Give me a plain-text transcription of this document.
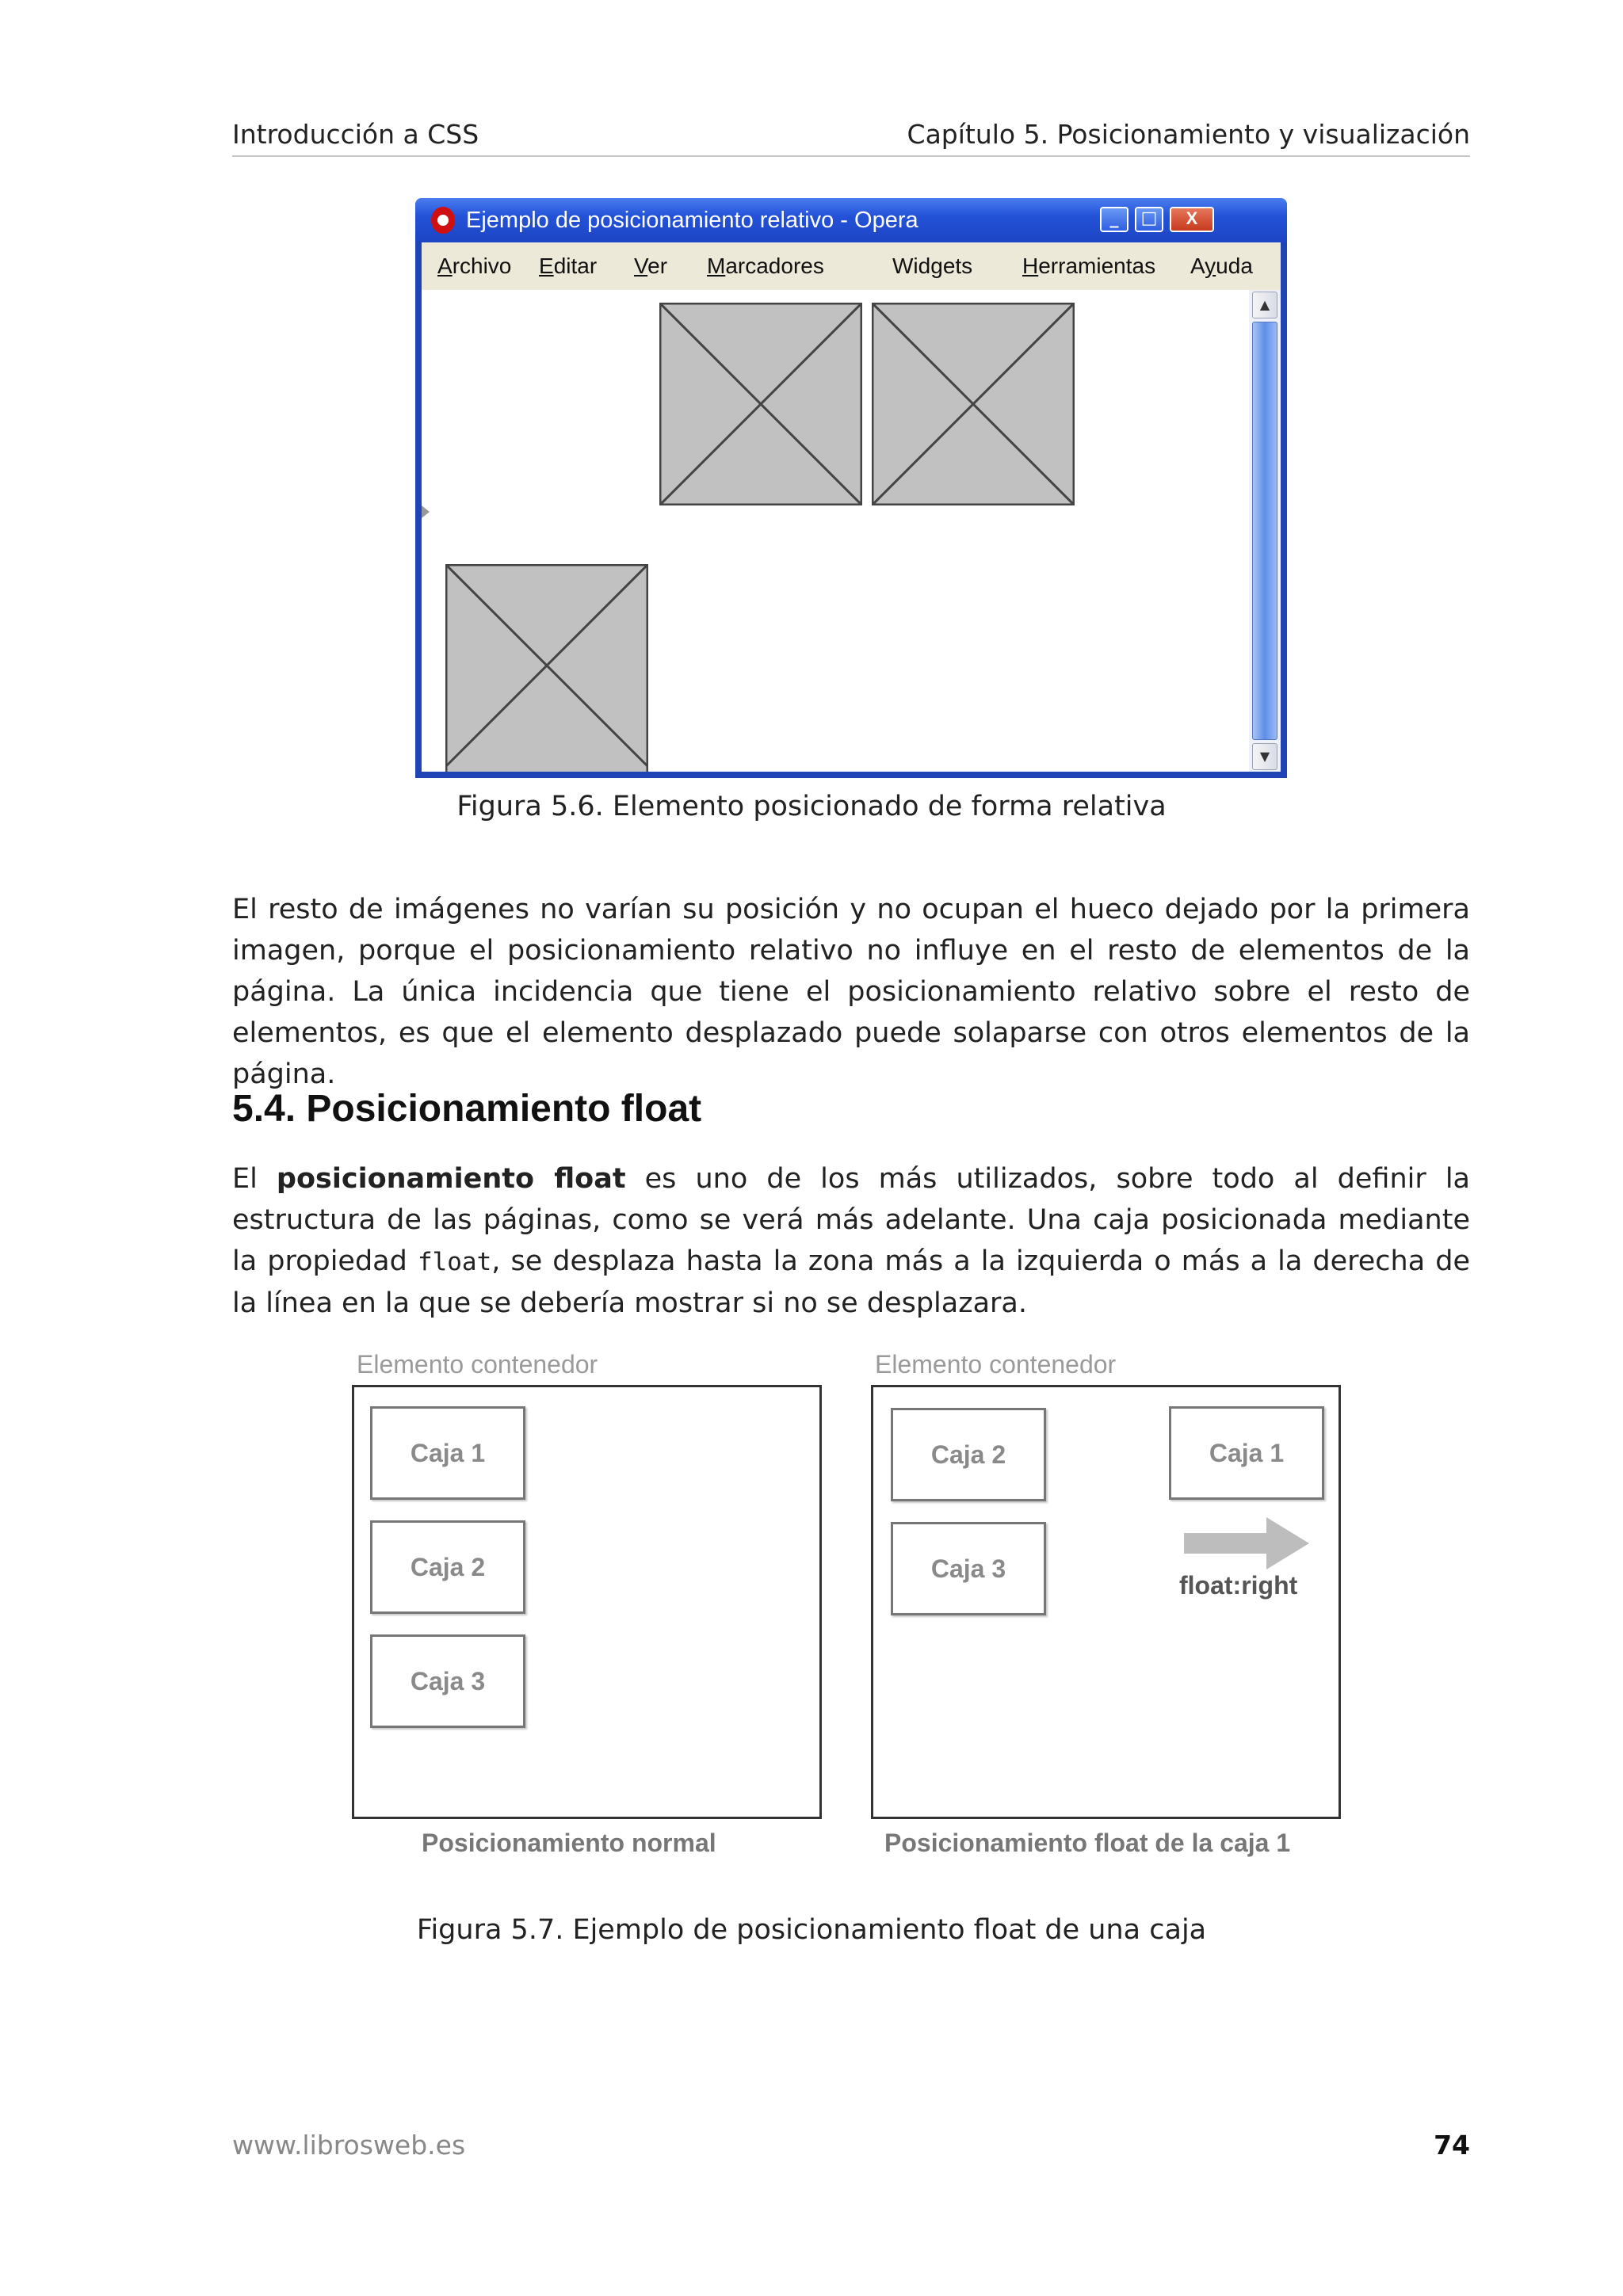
Introducción a CSS	Capítulo 5. Posicionamiento y visualización
Ejemplo de posicionamiento relativo - Opera	_	□	X
Archivo Editar Ver Marcadores	Widgets Herramientas Ayuda
▲
▼
Figura 5.6. Elemento posicionado de forma relativa

El resto de imágenes no varían su posición y no ocupan el hueco dejado por la primera imagen, porque el posicionamiento relativo no influye en el resto de elementos de la página. La única incidencia que tiene el posicionamiento relativo sobre el resto de elementos, es que el elemento desplazado puede solaparse con otros elementos de la página.

5.4. Posicionamiento float

El posicionamiento float es uno de los más utilizados, sobre todo al definir la estructura de las páginas, como se verá más adelante. Una caja posicionada mediante la propiedad float, se desplaza hasta la zona más a la izquierda o más a la derecha de la línea en la que se debería mostrar si no se desplazara.

Elemento contenedor
Caja 1
Caja 2
Caja 3
Posicionamiento normal
Elemento contenedor
Caja 2
Caja 3
Caja 1
float:right
Posicionamiento float de la caja 1
Figura 5.7. Ejemplo de posicionamiento float de una caja
www.librosweb.es	74
